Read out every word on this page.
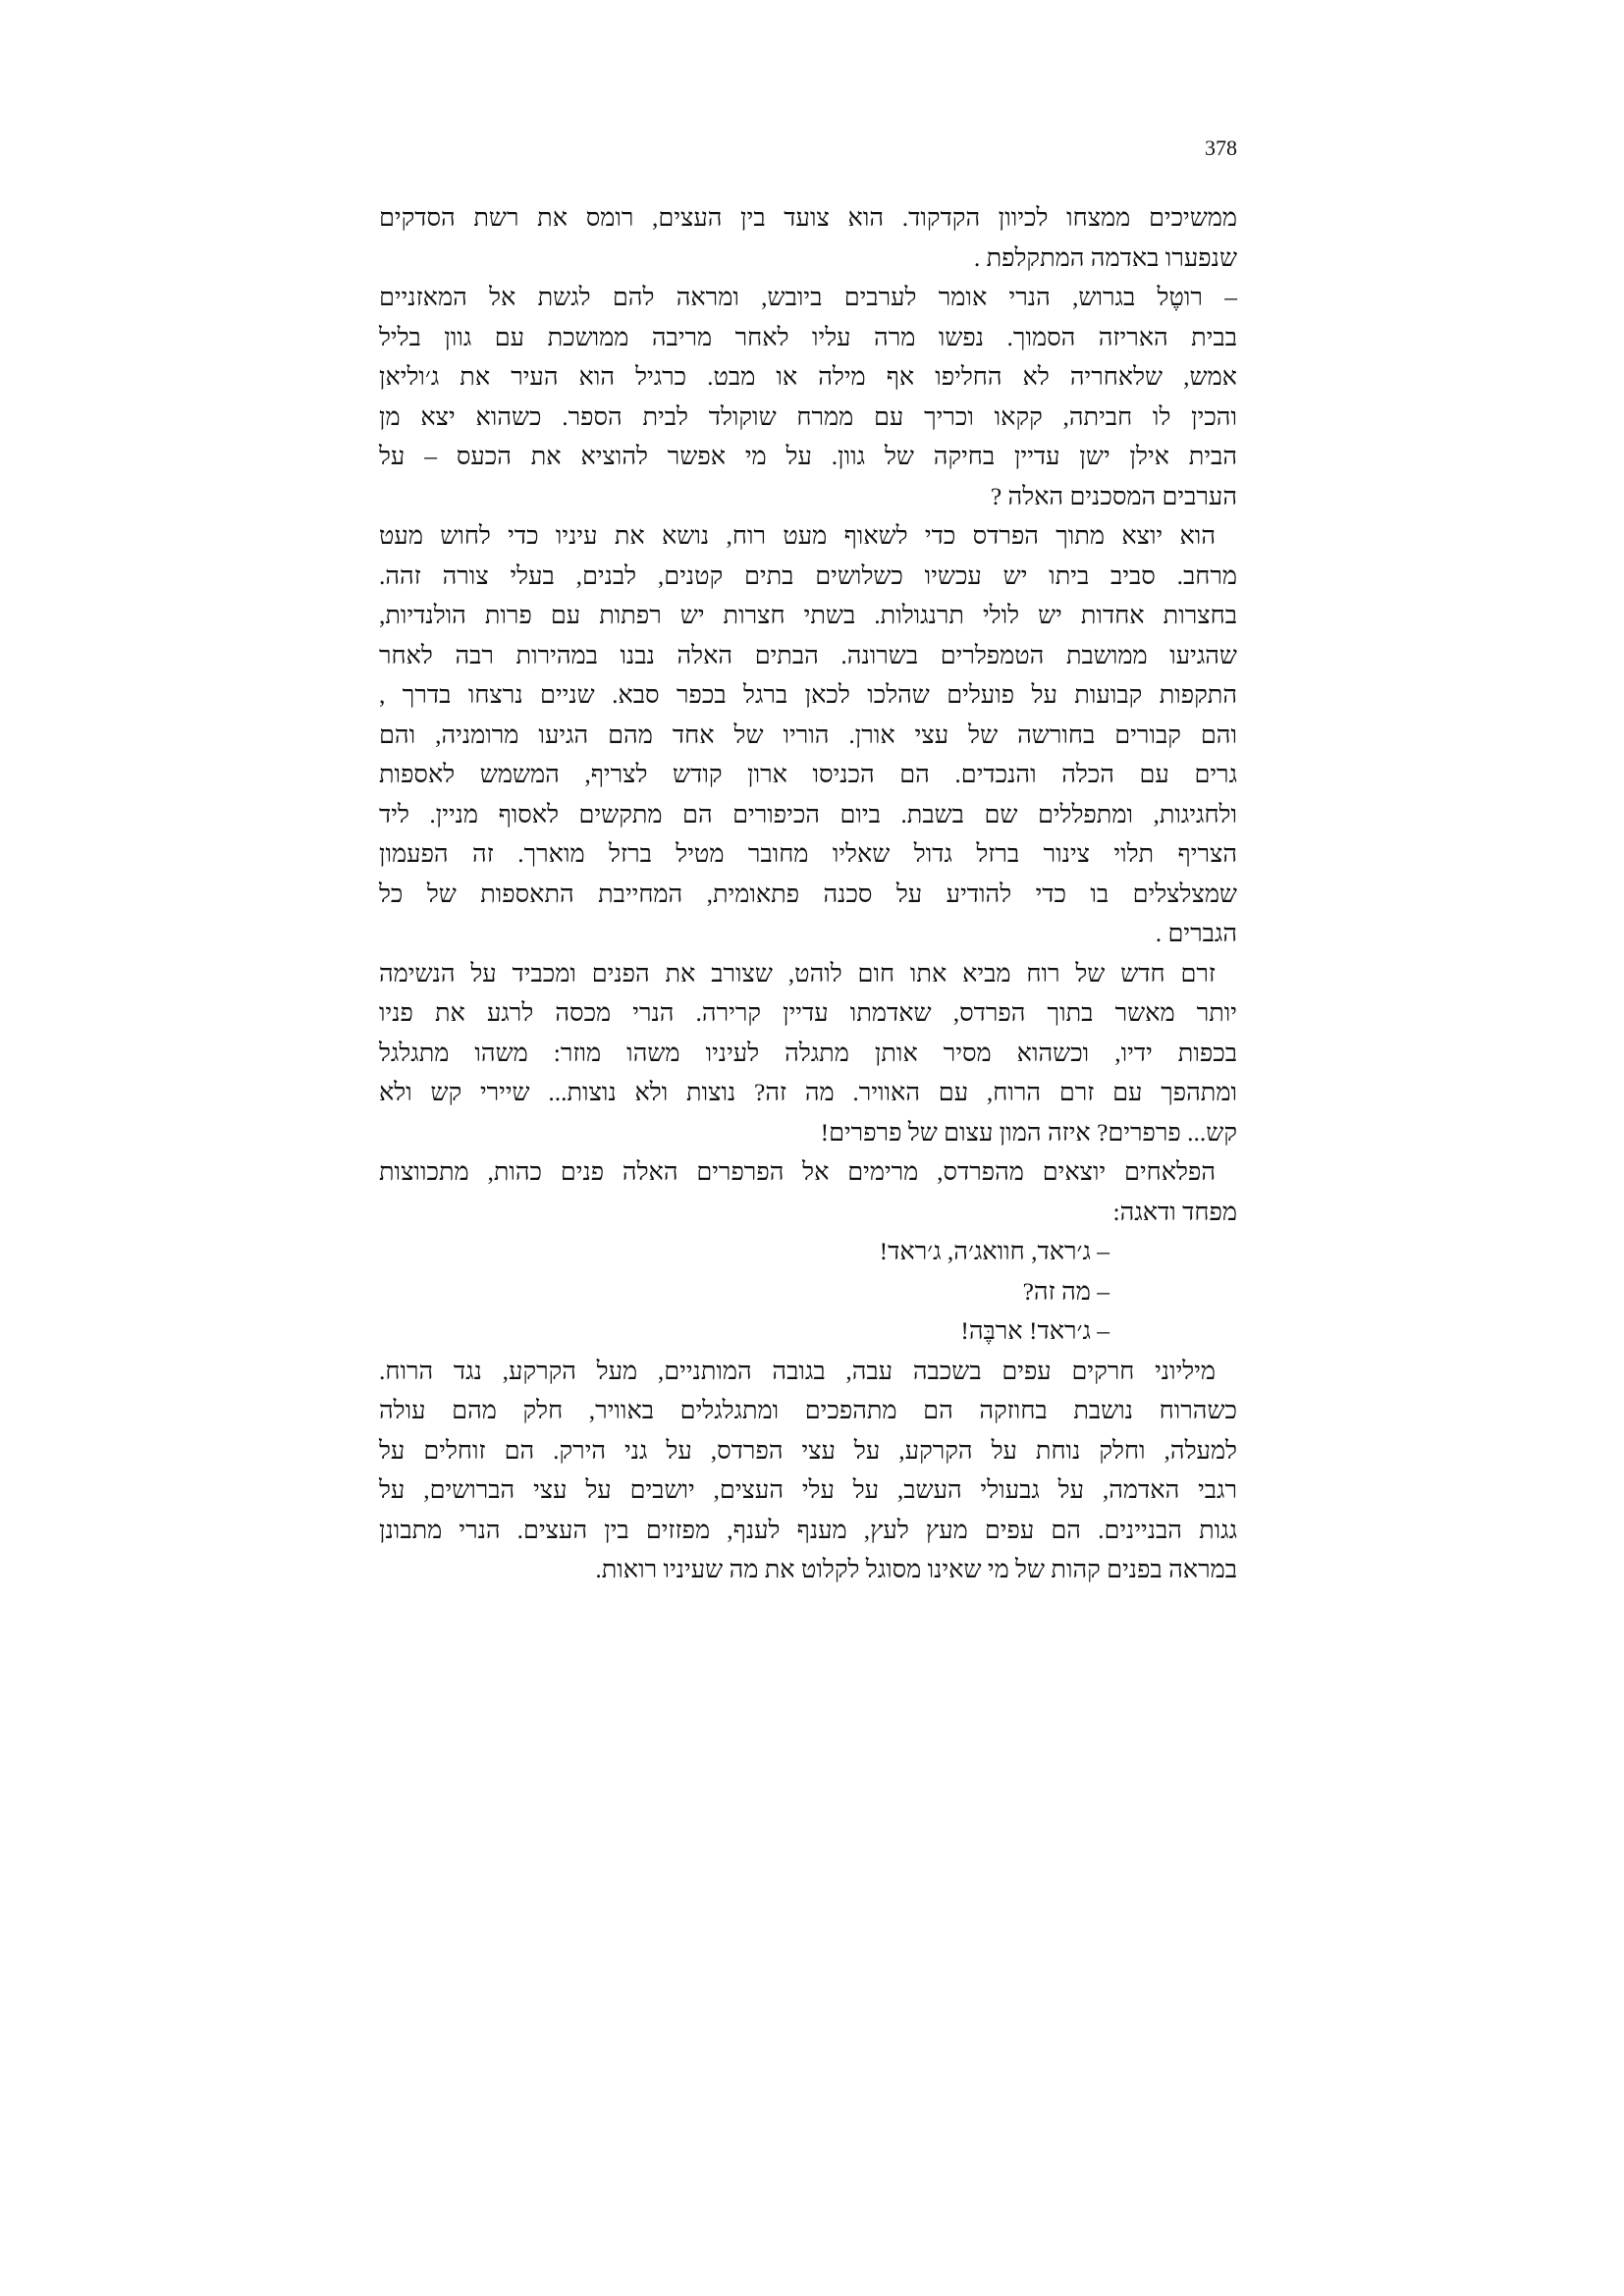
378
ממשיכים ממצחו לכיוון הקדקוד. הוא צועד בין העצים, רומס את רשת הסדקים
שנפערו באדמה המתקלפת .
– רוטֶל בגרוש, הנרי אומר לערבים ביובש, ומראה להם לגשת אל המאזניים
בבית האריזה הסמוך. נפשו מרה עליו לאחר מריבה ממושכת עם גוון בליל
אמש, שלאחריה לא החליפו אף מילה או מבט. כרגיל הוא העיר את ג׳וליאן
והכין לו חביתה, קקאו וכריך עם ממרח שוקולד לבית הספר. כשהוא יצא מן
הבית אילן ישן עדיין בחיקה של גוון. על מי אפשר להוציא את הכעס – על
הערבים המסכנים האלה ?
הוא יוצא מתוך הפרדס כדי לשאוף מעט רוח, נושא את עיניו כדי לחוש מעט
מרחב. סביב ביתו יש עכשיו כשלושים בתים קטנים, לבנים, בעלי צורה זהה.
בחצרות אחדות יש לולי תרנגולות. בשתי חצרות יש רפתות עם פרות הולנדיות,
שהגיעו ממושבת הטמפלרים בשרונה. הבתים האלה נבנו במהירות רבה לאחר
התקפות קבועות על פועלים שהלכו לכאן ברגל בכפר סבא. שניים נרצחו בדרך ,
והם קבורים בחורשה של עצי אורן. הוריו של אחד מהם הגיעו מרומניה, והם
גרים עם הכלה והנכדים. הם הכניסו ארון קודש לצריף, המשמש לאספות
ולחגיגות, ומתפללים שם בשבת. ביום הכיפורים הם מתקשים לאסוף מניין. ליד
הצריף תלוי צינור ברזל גדול שאליו מחובר מטיל ברזל מוארך. זה הפעמון
שמצלצלים בו כדי להודיע על סכנה פתאומית, המחייבת התאספות של כל
הגברים .
זרם חדש של רוח מביא אתו חום לוהט, שצורב את הפנים ומכביד על הנשימה
יותר מאשר בתוך הפרדס, שאדמתו עדיין קרירה. הנרי מכסה לרגע את פניו
בכפות ידיו, וכשהוא מסיר אותן מתגלה לעיניו משהו מוזר: משהו מתגלגל
ומתהפך עם זרם הרוח, עם האוויר. מה זה? נוצות ולא נוצות... שיירי קש ולא
קש... פרפרים? איזה המון עצום של פרפרים!
הפלאחים יוצאים מהפרדס, מרימים אל הפרפרים האלה פנים כהות, מתכווצות
מפחד ודאגה:
– ג׳ראד, חוואג׳ה, ג׳ראד!
– מה זה?
– ג׳ראד! ארבֶּה!
מיליוני חרקים עפים בשכבה עבה, בגובה המותניים, מעל הקרקע, נגד הרוח.
כשהרוח נושבת בחוזקה הם מתהפכים ומתגלגלים באוויר, חלק מהם עולה
למעלה, וחלק נוחת על הקרקע, על עצי הפרדס, על גני הירק. הם זוחלים על
רגבי האדמה, על גבעולי העשב, על עלי העצים, יושבים על עצי הברושים, על
גגות הבניינים. הם עפים מעץ לעץ, מענף לענף, מפזזים בין העצים. הנרי מתבונן
במראה בפנים קהות של מי שאינו מסוגל לקלוט את מה שעיניו רואות.
